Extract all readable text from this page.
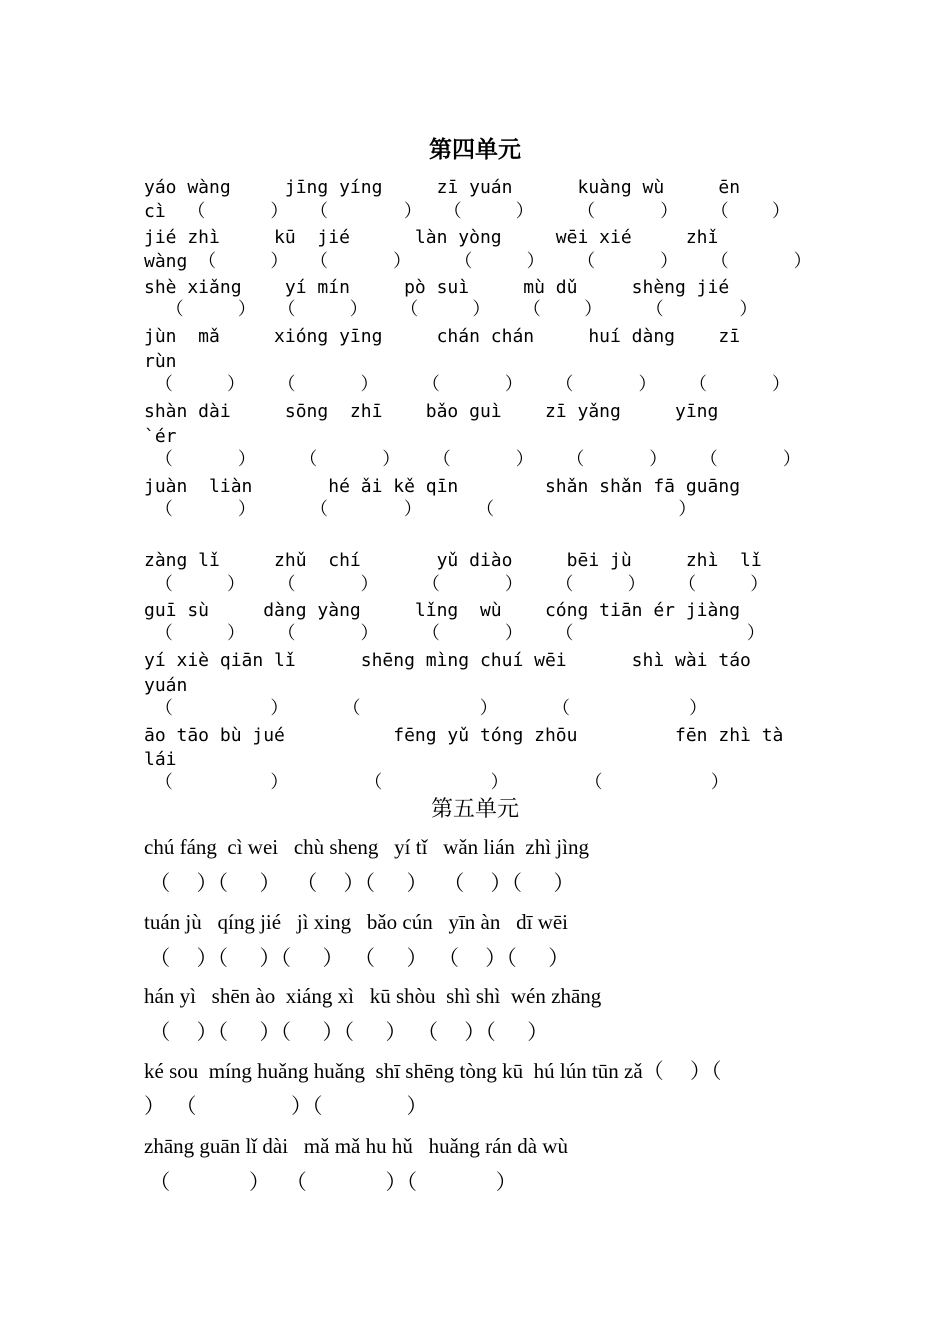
第四单元
yáo wàng     jīng yíng     zī yuán      kuàng wù     ēn
cì  （      ）  （       ）  （     ）    （      ）   （    ）
jié zhì     kū  jié      làn yòng     wēi xié     zhǐ
wàng （     ）  （      ）    （     ）   （      ）   （      ）
shè xiǎng    yí mín     pò suì     mù dǔ     shèng jié
（     ）  （     ）   （     ）   （    ）    （       ）
jùn  mǎ     xióng yīng     chán chán     huí dàng    zī
rùn
（     ）   （      ）    （      ）   （      ）   （      ）
shàn dài     sōng  zhī    bǎo guì    zī yǎng     yīng
`ér
（      ）    （      ）   （      ）   （      ）   （      ）
juàn  liàn       hé ǎi kě qīn        shǎn shǎn fā guāng
（      ）     （       ）     （                 ）
zàng lǐ     zhǔ  chí       yǔ diào     bēi jù     zhì  lǐ
（     ）   （      ）    （      ）   （     ）   （     ）
guī sù     dàng yàng     lǐng  wù    cóng tiān ér jiàng
（     ）   （      ）    （      ）   （                ）
yí xiè qiān lǐ      shēng mìng chuí wēi      shì wài táo
yuán
（         ）     （           ）     （           ）
āo tāo bù jué          fēng yǔ tóng zhōu         fēn zhì tà
lái
（         ）       （          ）       （          ）
第五单元
chú fáng  cì wei   chù sheng   yí tǐ   wǎn lián  zhì jìng
（     ）（      ）   （     ）（      ）   （     ）（      ）
tuán jù   qíng jié   jì xing   bǎo cún   yīn àn   dī wēi
（     ）（      ）（      ）  （      ）  （     ）（      ）
hán yì   shēn ào  xiáng xì   kū shòu  shì shì  wén zhāng
（     ）（      ）（      ）（      ）  （     ）（      ）
ké sou  míng huǎng huǎng  shī shēng tòng kū  hú lún tūn zǎ（     ）（
）  （                  ）（                ）
zhāng guān lǐ dài   mǎ mǎ hu hǔ   huǎng rán dà wù
（               ）   （               ）（               ）
